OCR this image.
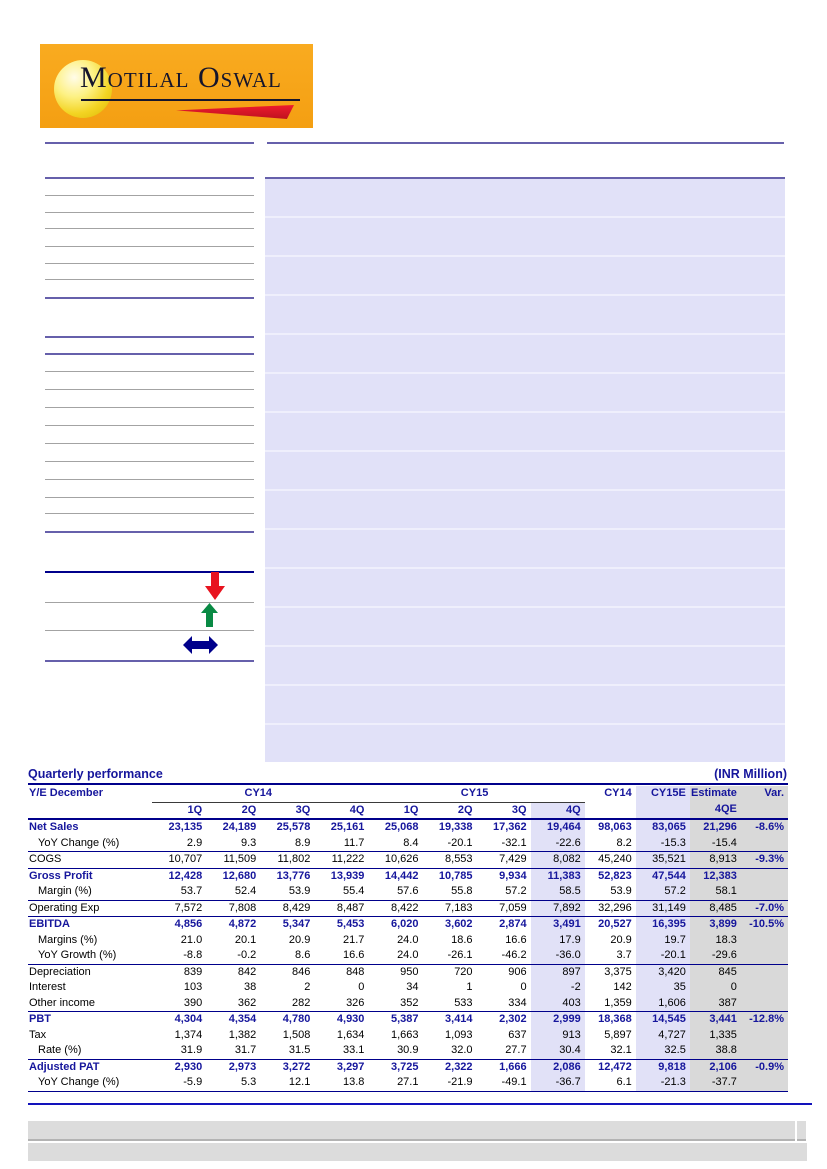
Motilal Oswal
Quarterly performance	(INR Million)
Y/E December	CY14				CY15				CY14	CY15E	Estimate	Var.
	1Q	2Q	3Q	4Q	1Q	2Q	3Q	4Q			4QE	
Net Sales	23,135	24,189	25,578	25,161	25,068	19,338	17,362	19,464	98,063	83,065	21,296	-8.6%
YoY Change (%)	2.9	9.3	8.9	11.7	8.4	-20.1	-32.1	-22.6	8.2	-15.3	-15.4	
COGS	10,707	11,509	11,802	11,222	10,626	8,553	7,429	8,082	45,240	35,521	8,913	-9.3%
Gross Profit	12,428	12,680	13,776	13,939	14,442	10,785	9,934	11,383	52,823	47,544	12,383	
Margin (%)	53.7	52.4	53.9	55.4	57.6	55.8	57.2	58.5	53.9	57.2	58.1	
Operating Exp	7,572	7,808	8,429	8,487	8,422	7,183	7,059	7,892	32,296	31,149	8,485	-7.0%
EBITDA	4,856	4,872	5,347	5,453	6,020	3,602	2,874	3,491	20,527	16,395	3,899	-10.5%
Margins (%)	21.0	20.1	20.9	21.7	24.0	18.6	16.6	17.9	20.9	19.7	18.3	
YoY Growth (%)	-8.8	-0.2	8.6	16.6	24.0	-26.1	-46.2	-36.0	3.7	-20.1	-29.6	
Depreciation	839	842	846	848	950	720	906	897	3,375	3,420	845	
Interest	103	38	2	0	34	1	0	-2	142	35	0	
Other income	390	362	282	326	352	533	334	403	1,359	1,606	387	
PBT	4,304	4,354	4,780	4,930	5,387	3,414	2,302	2,999	18,368	14,545	3,441	-12.8%
Tax	1,374	1,382	1,508	1,634	1,663	1,093	637	913	5,897	4,727	1,335	
Rate (%)	31.9	31.7	31.5	33.1	30.9	32.0	27.7	30.4	32.1	32.5	38.8	
Adjusted PAT	2,930	2,973	3,272	3,297	3,725	2,322	1,666	2,086	12,472	9,818	2,106	-0.9%
YoY Change (%)	-5.9	5.3	12.1	13.8	27.1	-21.9	-49.1	-36.7	6.1	-21.3	-37.7	
